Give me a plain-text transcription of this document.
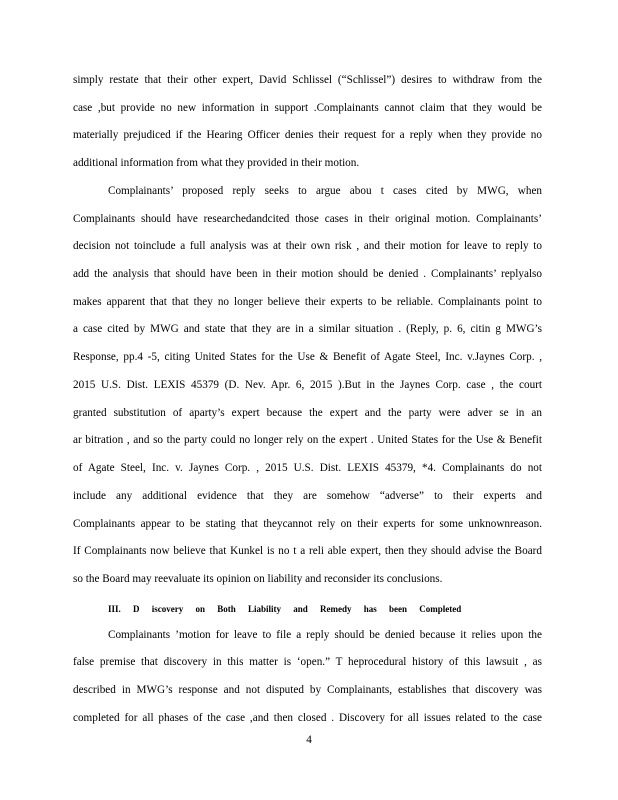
simply restate that their other expert, David Schlissel (“Schlissel”) desires to withdraw from the
case ,but provide no new information in support .Complainants cannot claim that they would be
materially prejudiced if the Hearing Officer denies their request for a reply when they provide no
additional information from what they provided in their motion.
Complainants’ proposed reply seeks to argue abou t cases cited by MWG, when
Complainants should have researchedandcited those cases in their original motion. Complainants’
decision not toinclude a full analysis was at their own risk , and their motion for leave to reply to
add the analysis that should have been in their motion should be denied . Complainants’ replyalso
makes apparent that that they no longer believe their experts to be reliable. Complainants point to
a case cited by MWG and state that they are in a similar situation . (Reply, p. 6, citin g MWG’s
Response, pp.4 -5, citing United States for the Use & Benefit of Agate Steel, Inc. v.Jaynes Corp. ,
2015 U.S. Dist. LEXIS 45379 (D. Nev. Apr. 6, 2015 ).But in the Jaynes Corp. case , the court
granted substitution of aparty’s expert because the expert and the party were adver se in an
ar bitration , and so the party could no longer rely on the expert . United States for the Use & Benefit
of Agate Steel, Inc. v. Jaynes Corp. , 2015 U.S. Dist. LEXIS 45379, *4. Complainants do not
include any additional evidence that they are somehow “adverse” to their experts and
Complainants appear to be stating that theycannot rely on their experts for some unknownreason.
If Complainants now believe that Kunkel is no t a reli able expert, then they should advise the Board
so the Board may reevaluate its opinion on liability and reconsider its conclusions.
III. D iscovery on Both Liability and Remedy has been Completed
Complainants ’motion for leave to file a reply should be denied because it relies upon the
false premise that discovery in this matter is ‘open.” T heprocedural history of this lawsuit , as
described in MWG’s response and not disputed by Complainants, establishes that discovery was
completed for all phases of the case ,and then closed . Discovery for all issues related to the case
4
